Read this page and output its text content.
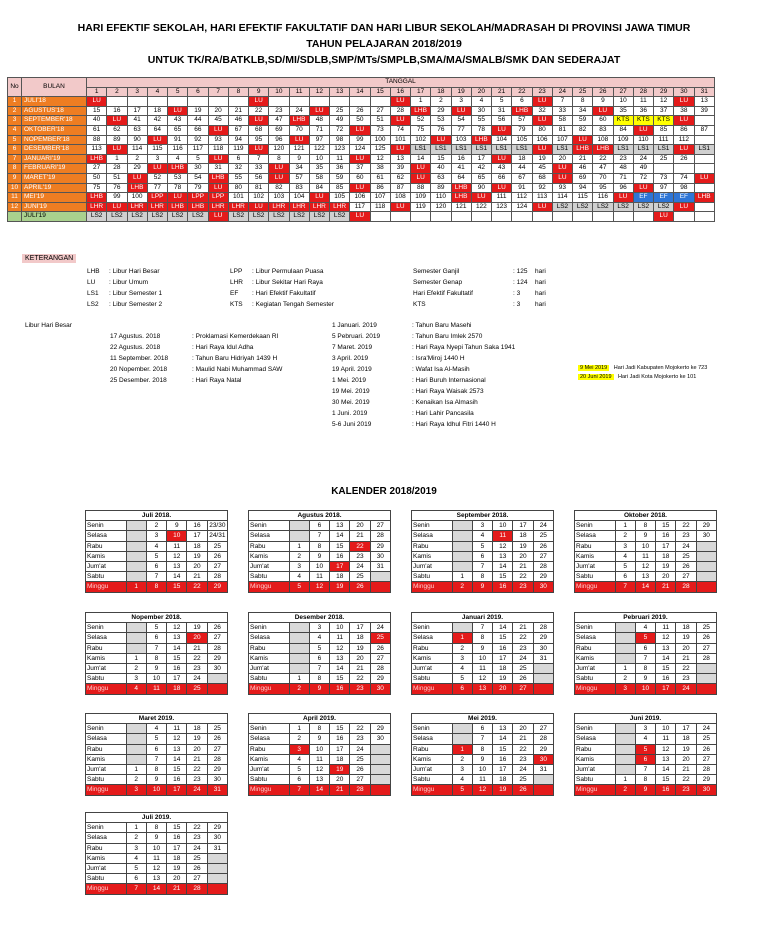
HARI EFEKTIF SEKOLAH, HARI EFEKTIF FAKULTATIF DAN HARI LIBUR SEKOLAH/MADRASAH DI PROVINSI JAWA TIMUR
TAHUN PELAJARAN 2018/2019
UNTUK TK/RA/BATKLB,SD/MI/SDLB,SMP/MTs/SMPLB,SMA/MA/SMALB/SMK DAN SEDERAJAT
No	BULAN	TANGGAL																														
		1	2	3	4	5	6	7	8	9	10	11	12	13	14	15	16	17	18	19	20	21	22	23	24	25	26	27	28	29	30	31
1	JULI'18	LU								LU							LU	1	2	3	4	5	6	LU	7	8	9	10	11	12	LU	13
2	AGUSTUS'18	15	16	17	18	LU	19	20	21	22	23	24	LU	25	26	27	28	LHB	29	LU	30	31	LHB	32	33	34	LU	35	36	37	38	39
3	SEPTEMBER'18	40	LU	41	42	43	44	45	46	LU	47	LHB	48	49	50	51	LU	52	53	54	55	56	57	LU	58	59	60	KTS	KTS	KTS	LU	
4	OKTOBER'18	61	62	63	64	65	66	LU	67	68	69	70	71	72	LU	73	74	75	76	77	78	LU	79	80	81	82	83	84	LU	85	86	87
5	NOPEMBER'18	88	89	90	LU	91	92	93	94	95	96	LU	97	98	99	100	101	102	LU	103	LHB	104	105	106	107	LU	108	109	110	111	112	
6	DESEMBER'18	113	LU	114	115	116	117	118	119	LU	120	121	122	123	124	125	LU	LS1	LS1	LS1	LS1	LS1	LS1	LU	LS1	LHB	LHB	LS1	LS1	LS1	LU	LS1
7	JANUARI'19	LHB	1	2	3	4	5	LU	6	7	8	9	10	11	LU	12	13	14	15	16	17	LU	18	19	20	21	22	23	24	25	26	
8	FEBRUARI'19	27	28	29	LU	LHB	30	31	32	33	LU	34	35	36	37	38	39	LU	40	41	42	43	44	45	LU	46	47	48	49			
9	MARET'19	50	51	LU	52	53	54	LHB	55	56	LU	57	58	59	60	61	62	LU	63	64	65	66	67	68	LU	69	70	71	72	73	74	LU
10	APRIL'19	75	76	LHB	77	78	79	LU	80	81	82	83	84	85	LU	86	87	88	89	LHB	90	LU	91	92	93	94	95	96	LU	97	98	
11	MEI'19	LHB	99	100	LPP	LU	LPP	LPP	101	102	103	104	LU	105	106	107	108	109	110	LHB	LU	111	112	113	114	115	116	LU	EF	EF	EF	LHB
12	JUNI'19	LHR	LU	LHR	LHR	LHB	LHB	LHR	LHR	LU	LHR	LHR	LHR	LHR	117	118	LU	119	120	121	122	123	124	LU	LS2	LS2	LS2	LS2	LS2	LS2	LU	
	JULI'19	LS2	LS2	LS2	LS2	LS2	LS2	LU	LS2	LS2	LS2	LS2	LS2	LS2	LU															LU		
KETERANGAN
LHB : Libur Hari Besar
LU : Libur Umum
LS1 : Libur Semester 1
LS2 : Libur Semester 2
LPP : Libur Permulaan Puasa
LHR : Libur Sekitar Hari Raya
EF : Hari Efektif Fakultatif
KTS : Kegiatan Tengah Semester
Semester Ganjil	: 125 hari
Semester Genap	: 124 hari
Hari Efektif Fakultatif	: 3 hari
KTS	: 3 hari
Libur Hari Besar
17 Agustus. 2018	: Proklamasi Kemerdekaan RI
22 Agustus. 2018	: Hari Raya Idul Adha
11 September. 2018	: Tahun Baru Hidriyah 1439 H
20 Nopember. 2018	: Maulid Nabi Muhammad SAW
25 Desember. 2018	: Hari Raya Natal
1 Januari. 2019	: Tahun Baru Masehi
5 Pebruari. 2019	: Tahun Baru Imlek 2570
7 Maret. 2019	: Hari Raya Nyepi Tahun Saka 1941
3 April. 2019	: Isra'Miroj 1440 H
19 April. 2019	: Wafat Isa Al-Masih
1 Mei. 2019	: Hari Buruh Internasional
19 Mei. 2019	: Hari Raya Waisak 2573
30 Mei. 2019	: Kenaikan Isa Almasih
1 Juni. 2019	: Hari Lahir Pancasila
5-6 Juni 2019	: Hari Raya Idhul Fitri 1440 H
9 Mei 2019 Hari Jadi Kabupaten Mojokerto ke 723
20 Juni 2019 Hari Jadi Kota Mojokerto ke 101
KALENDER 2018/2019
Juli 2018.					
Senin		2	9	16	23/30
Selasa		3	10	17	24/31
Rabu		4	11	18	25
Kamis		5	12	19	26
Jum'at		6	13	20	27
Sabtu		7	14	21	28
Minggu	1	8	15	22	29
Agustus 2018.					
Senin		6	13	20	27
Selasa		7	14	21	28
Rabu	1	8	15	22	29
Kamis	2	9	16	23	30
Jum'at	3	10	17	24	31
Sabtu	4	11	18	25	
Minggu	5	12	19	26	
September 2018.					
Senin		3	10	17	24
Selasa		4	11	18	25
Rabu		5	12	19	26
Kamis		6	13	20	27
Jum'at		7	14	21	28
Sabtu	1	8	15	22	29
Minggu	2	9	16	23	30
Oktober 2018.					
Senin	1	8	15	22	29
Selasa	2	9	16	23	30
Rabu	3	10	17	24	
Kamis	4	11	18	25	
Jum'at	5	12	19	26	
Sabtu	6	13	20	27	
Minggu	7	14	21	28	
Nopember 2018.					
Senin		5	12	19	26
Selasa		6	13	20	27
Rabu		7	14	21	28
Kamis	1	8	15	22	29
Jum'at	2	9	16	23	30
Sabtu	3	10	17	24	
Minggu	4	11	18	25	
Desember 2018.					
Senin		3	10	17	24
Selasa		4	11	18	25
Rabu		5	12	19	26
Kamis		6	13	20	27
Jum'at		7	14	21	28
Sabtu	1	8	15	22	29
Minggu	2	9	16	23	30
Januari 2019.					
Senin		7	14	21	28
Selasa	1	8	15	22	29
Rabu	2	9	16	23	30
Kamis	3	10	17	24	31
Jum'at	4	11	18	25	
Sabtu	5	12	19	26	
Minggu	6	13	20	27	
Pebruari 2019.					
Senin		4	11	18	25
Selasa		5	12	19	26
Rabu		6	13	20	27
Kamis		7	14	21	28
Jum'at	1	8	15	22	
Sabtu	2	9	16	23	
Minggu	3	10	17	24	
Maret 2019.					
Senin		4	11	18	25
Selasa		5	12	19	26
Rabu		6	13	20	27
Kamis		7	14	21	28
Jum'at	1	8	15	22	29
Sabtu	2	9	16	23	30
Minggu	3	10	17	24	31
April 2019.					
Senin	1	8	15	22	29
Selasa	2	9	16	23	30
Rabu	3	10	17	24	
Kamis	4	11	18	25	
Jum'at	5	12	19	26	
Sabtu	6	13	20	27	
Minggu	7	14	21	28	
Mei 2019.					
Senin		6	13	20	27
Selasa		7	14	21	28
Rabu	1	8	15	22	29
Kamis	2	9	16	23	30
Jum'at	3	10	17	24	31
Sabtu	4	11	18	25	
Minggu	5	12	19	26	
Juni 2019.					
Senin		3	10	17	24
Selasa		4	11	18	25
Rabu		5	12	19	26
Kamis		6	13	20	27
Jum'at		7	14	21	28
Sabtu	1	8	15	22	29
Minggu	2	9	16	23	30
Juli 2019.					
Senin	1	8	15	22	29
Selasa	2	9	16	23	30
Rabu	3	10	17	24	31
Kamis	4	11	18	25	
Jum'at	5	12	19	26	
Sabtu	6	13	20	27	
Minggu	7	14	21	28	
